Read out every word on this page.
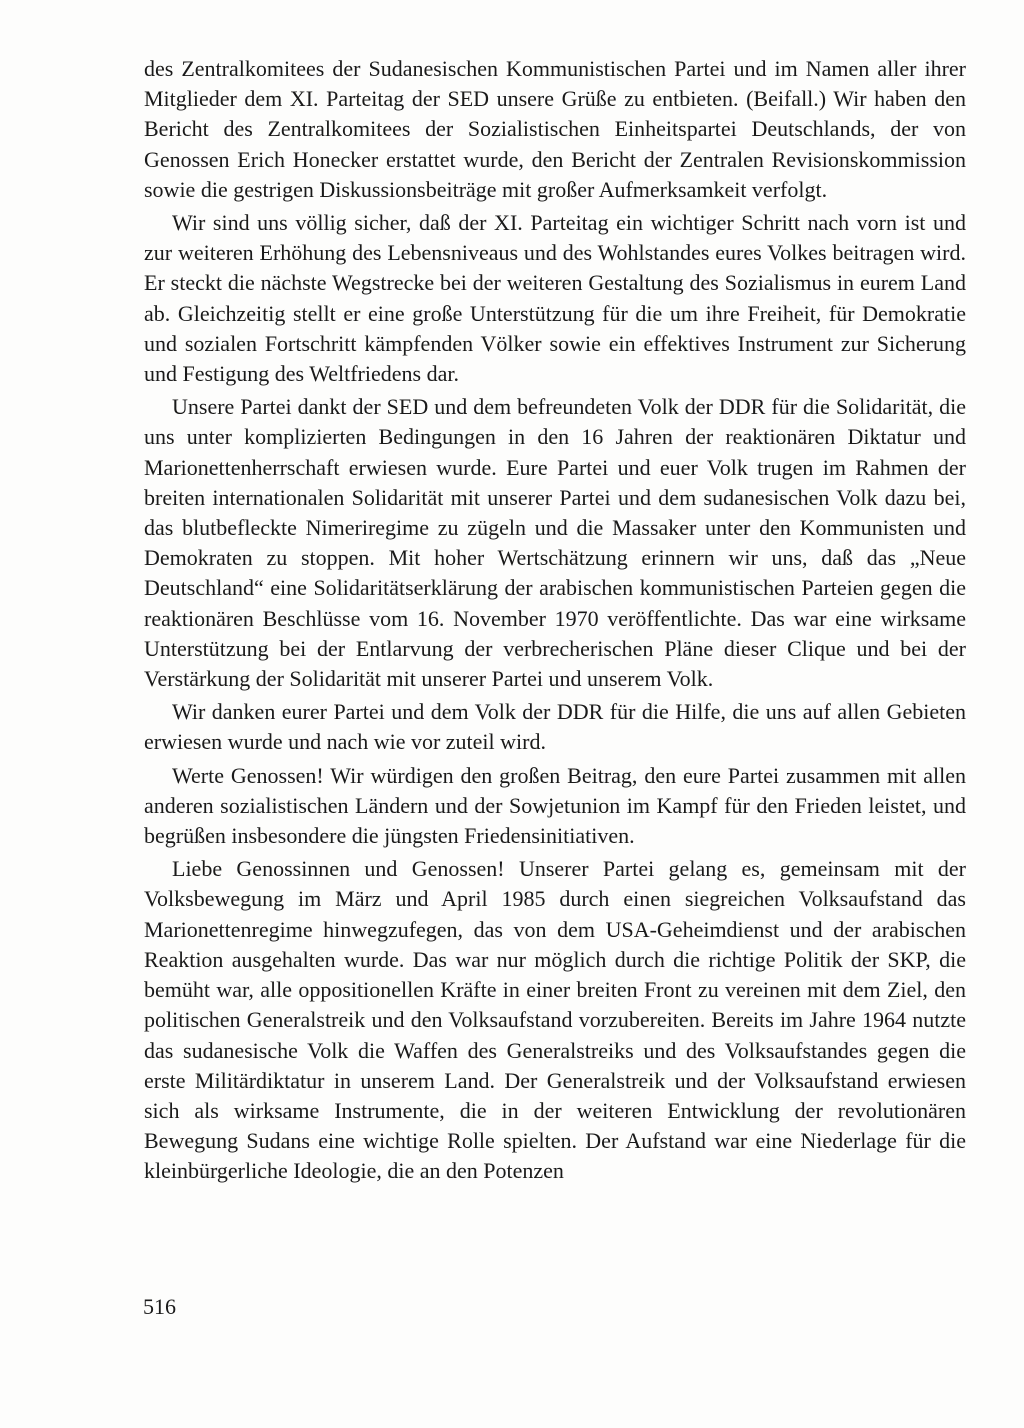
des Zentralkomitees der Sudanesischen Kommunistischen Partei und im Namen aller ihrer Mitglieder dem XI. Parteitag der SED unsere Grüße zu entbieten. (Beifall.) Wir haben den Bericht des Zentralkomitees der Sozialistischen Einheitspartei Deutschlands, der von Genossen Erich Honecker erstattet wurde, den Bericht der Zentralen Revisionskommission sowie die gestrigen Diskussionsbeiträge mit großer Aufmerksamkeit verfolgt.

Wir sind uns völlig sicher, daß der XI. Parteitag ein wichtiger Schritt nach vorn ist und zur weiteren Erhöhung des Lebensniveaus und des Wohlstandes eures Volkes beitragen wird. Er steckt die nächste Wegstrecke bei der weiteren Gestaltung des Sozialismus in eurem Land ab. Gleichzeitig stellt er eine große Unterstützung für die um ihre Freiheit, für Demokratie und sozialen Fortschritt kämpfenden Völker sowie ein effektives Instrument zur Sicherung und Festigung des Weltfriedens dar.

Unsere Partei dankt der SED und dem befreundeten Volk der DDR für die Solidarität, die uns unter komplizierten Bedingungen in den 16 Jahren der reaktionären Diktatur und Marionettenherrschaft erwiesen wurde. Eure Partei und euer Volk trugen im Rahmen der breiten internationalen Solidarität mit unserer Partei und dem sudanesischen Volk dazu bei, das blutbefleckte Nimeriregime zu zügeln und die Massaker unter den Kommunisten und Demokraten zu stoppen. Mit hoher Wertschätzung erinnern wir uns, daß das „Neue Deutschland“ eine Solidaritätserklärung der arabischen kommunistischen Parteien gegen die reaktionären Beschlüsse vom 16. November 1970 veröffentlichte. Das war eine wirksame Unterstützung bei der Entlarvung der verbrecherischen Pläne dieser Clique und bei der Verstärkung der Solidarität mit unserer Partei und unserem Volk.

Wir danken eurer Partei und dem Volk der DDR für die Hilfe, die uns auf allen Gebieten erwiesen wurde und nach wie vor zuteil wird.

Werte Genossen! Wir würdigen den großen Beitrag, den eure Partei zusammen mit allen anderen sozialistischen Ländern und der Sowjetunion im Kampf für den Frieden leistet, und begrüßen insbesondere die jüngsten Friedensinitiativen.

Liebe Genossinnen und Genossen! Unserer Partei gelang es, gemeinsam mit der Volksbewegung im März und April 1985 durch einen siegreichen Volksaufstand das Marionettenregime hinwegzufegen, das von dem USA-Geheimdienst und der arabischen Reaktion ausgehalten wurde. Das war nur möglich durch die richtige Politik der SKP, die bemüht war, alle oppositionellen Kräfte in einer breiten Front zu vereinen mit dem Ziel, den politischen Generalstreik und den Volksaufstand vorzubereiten. Bereits im Jahre 1964 nutzte das sudanesische Volk die Waffen des Generalstreiks und des Volksaufstandes gegen die erste Militärdiktatur in unserem Land. Der Generalstreik und der Volksaufstand erwiesen sich als wirksame Instrumente, die in der weiteren Entwicklung der revolutionären Bewegung Sudans eine wichtige Rolle spielten. Der Aufstand war eine Niederlage für die kleinbürgerliche Ideologie, die an den Potenzen

516
